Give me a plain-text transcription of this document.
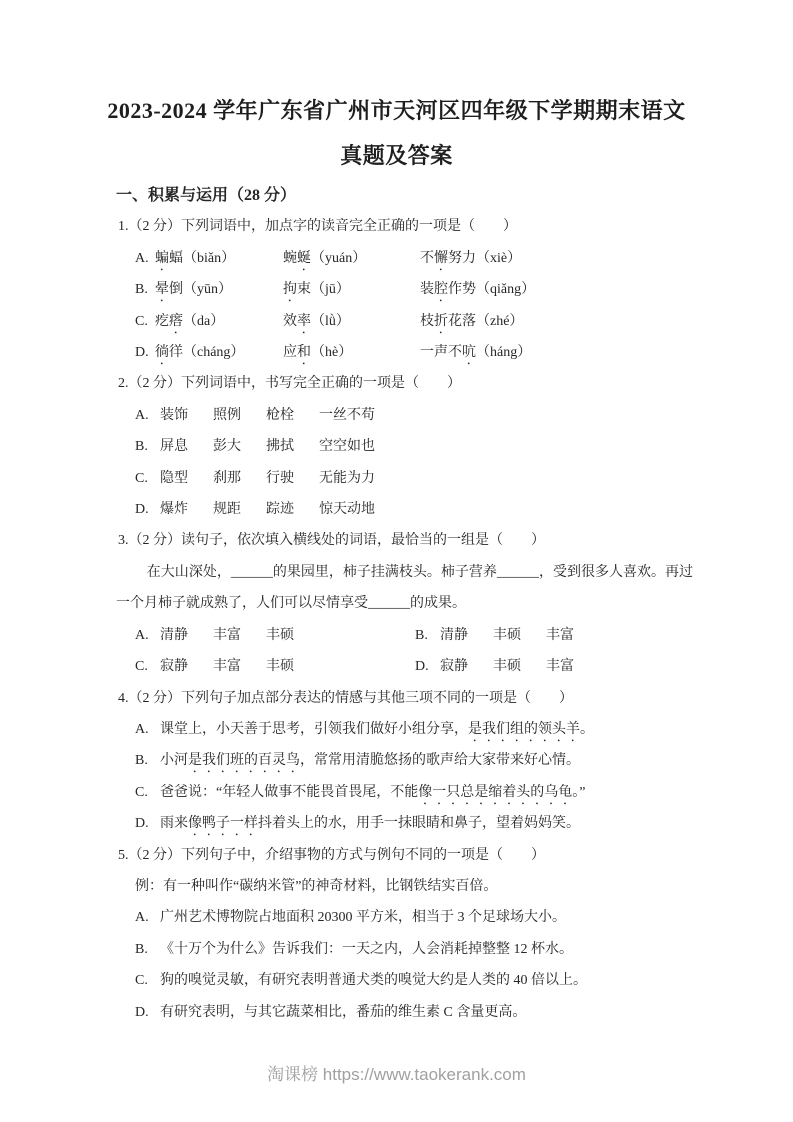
2023-2024 学年广东省广州市天河区四年级下学期期末语文
真题及答案
一、积累与运用（28 分）
1.（2 分）下列词语中，加点字的读音完全正确的一项是（　　）
A. 蝙蝠（biǎn）	蜿蜒（yuán）	不懈努力（xiè）
B. 晕倒（yūn）	拘束（jū）	装腔作势（qiǎng）
C. 疙瘩（da）	效率（lǜ）	枝折花落（zhé）
D. 徜徉（cháng）	应和（hè）	一声不吭（háng）
2.（2 分）下列词语中，书写完全正确的一项是（　　）
A. 装饰 照例 枪栓 一丝不苟
B. 屏息 彭大 拂拭 空空如也
C. 隐型 刹那 行驶 无能为力
D. 爆炸 规距 踪迹 惊天动地
3.（2 分）读句子，依次填入横线处的词语，最恰当的一组是（　　）
在大山深处，______的果园里，柿子挂满枝头。柿子营养______，受到很多人喜欢。再过一个月柿子就成熟了，人们可以尽情享受______的成果。
A. 清静 丰富 丰硕	B. 清静 丰硕 丰富
C. 寂静 丰富 丰硕	D. 寂静 丰硕 丰富
4.（2 分）下列句子加点部分表达的情感与其他三项不同的一项是（　　）
A. 课堂上，小天善于思考，引领我们做好小组分享，是我们组的领头羊。
B. 小河是我们班的百灵鸟，常常用清脆悠扬的歌声给大家带来好心情。
C. 爸爸说：“年轻人做事不能畏首畏尾，不能像一只总是缩着头的乌龟。”
D. 雨来像鸭子一样抖着头上的水，用手一抹眼睛和鼻子，望着妈妈笑。
5.（2 分）下列句子中，介绍事物的方式与例句不同的一项是（　　）
例：有一种叫作“碳纳米管”的神奇材料，比钢铁结实百倍。
A. 广州艺术博物院占地面积 20300 平方米，相当于 3 个足球场大小。
B. 《十万个为什么》告诉我们：一天之内，人会消耗掉整整 12 杯水。
C. 狗的嗅觉灵敏，有研究表明普通犬类的嗅觉大约是人类的 40 倍以上。
D. 有研究表明，与其它蔬菜相比，番茄的维生素 C 含量更高。
淘课榜 https://www.taokerank.com
